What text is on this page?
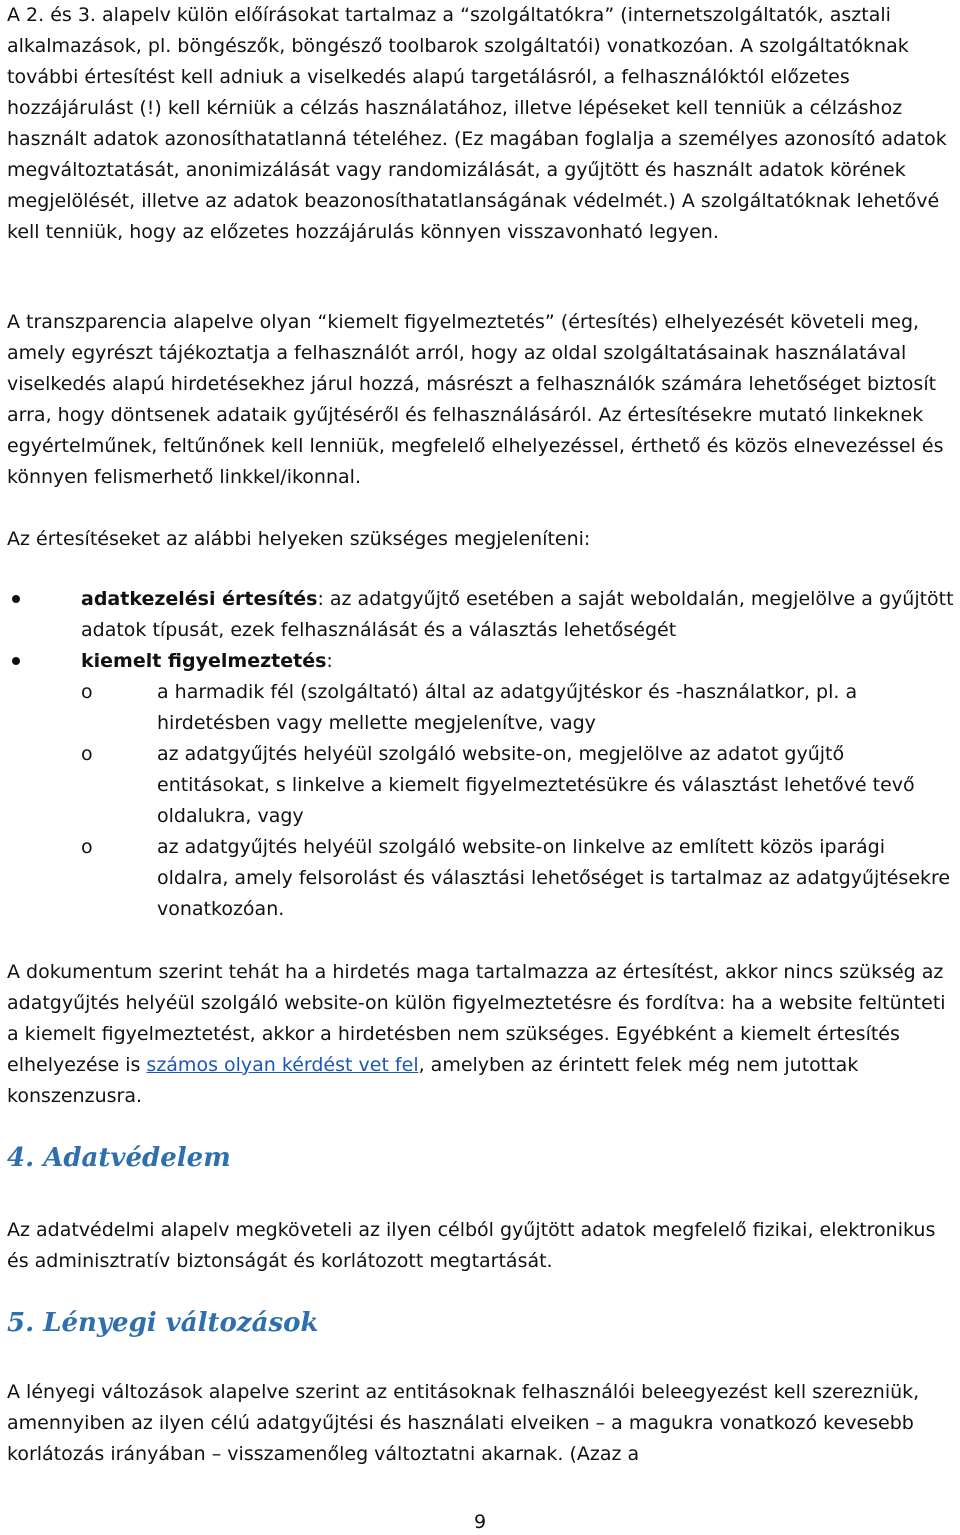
A 2. és 3. alapelv külön előírásokat tartalmaz a “szolgáltatókra” (internetszolgáltatók, asztali alkalmazások, pl. böngészők, böngésző toolbarok szolgáltatói) vonatkozóan. A szolgáltatóknak további értesítést kell adniuk a viselkedés alapú targetálásról, a felhasználóktól előzetes hozzájárulást (!) kell kérniük a célzás használatához, illetve lépéseket kell tenniük a célzáshoz használt adatok azonosíthatatlanná tételéhez. (Ez magában foglalja a személyes azonosító adatok megváltoztatását, anonimizálását vagy randomizálását, a gyűjtött és használt adatok körének megjelölését, illetve az adatok beazonosíthatatlanságának védelmét.) A szolgáltatóknak lehetővé kell tenniük, hogy az előzetes hozzájárulás könnyen visszavonható legyen.

A transzparencia alapelve olyan “kiemelt figyelmeztetés” (értesítés) elhelyezését követeli meg, amely egyrészt tájékoztatja a felhasználót arról, hogy az oldal szolgáltatásainak használatával viselkedés alapú hirdetésekhez járul hozzá, másrészt a felhasználók számára lehetőséget biztosít arra, hogy döntsenek adataik gyűjtéséről és felhasználásáról. Az értesítésekre mutató linkeknek egyértelműnek, feltűnőnek kell lenniük, megfelelő elhelyezéssel, érthető és közös elnevezéssel és könnyen felismerhető linkkel/ikonnal.

Az értesítéseket az alábbi helyeken szükséges megjeleníteni:

adatkezelési értesítés: az adatgyűjtő esetében a saját weboldalán, megjelölve a gyűjtött adatok típusát, ezek felhasználását és a választás lehetőségét
kiemelt figyelmeztetés:
o	a harmadik fél (szolgáltató) által az adatgyűjtéskor és -használatkor, pl. a hirdetésben vagy mellette megjelenítve, vagy
o	az adatgyűjtés helyéül szolgáló website-on, megjelölve az adatot gyűjtő entitásokat, s linkelve a kiemelt figyelmeztetésükre és választást lehetővé tevő oldalukra, vagy
o	az adatgyűjtés helyéül szolgáló website-on linkelve az említett közös iparági oldalra, amely felsorolást és választási lehetőséget is tartalmaz az adatgyűjtésekre vonatkozóan.

A dokumentum szerint tehát ha a hirdetés maga tartalmazza az értesítést, akkor nincs szükség az adatgyűjtés helyéül szolgáló website-on külön figyelmeztetésre és fordítva: ha a website feltünteti a kiemelt figyelmeztetést, akkor a hirdetésben nem szükséges. Egyébként a kiemelt értesítés elhelyezése is számos olyan kérdést vet fel, amelyben az érintett felek még nem jutottak konszenzusra.

4. Adatvédelem

Az adatvédelmi alapelv megköveteli az ilyen célból gyűjtött adatok megfelelő fizikai, elektronikus és adminisztratív biztonságát és korlátozott megtartását.

5. Lényegi változások

A lényegi változások alapelve szerint az entitásoknak felhasználói beleegyezést kell szerezniük, amennyiben az ilyen célú adatgyűjtési és használati elveiken – a magukra vonatkozó kevesebb korlátozás irányában – visszamenőleg változtatni akarnak. (Azaz a

9
